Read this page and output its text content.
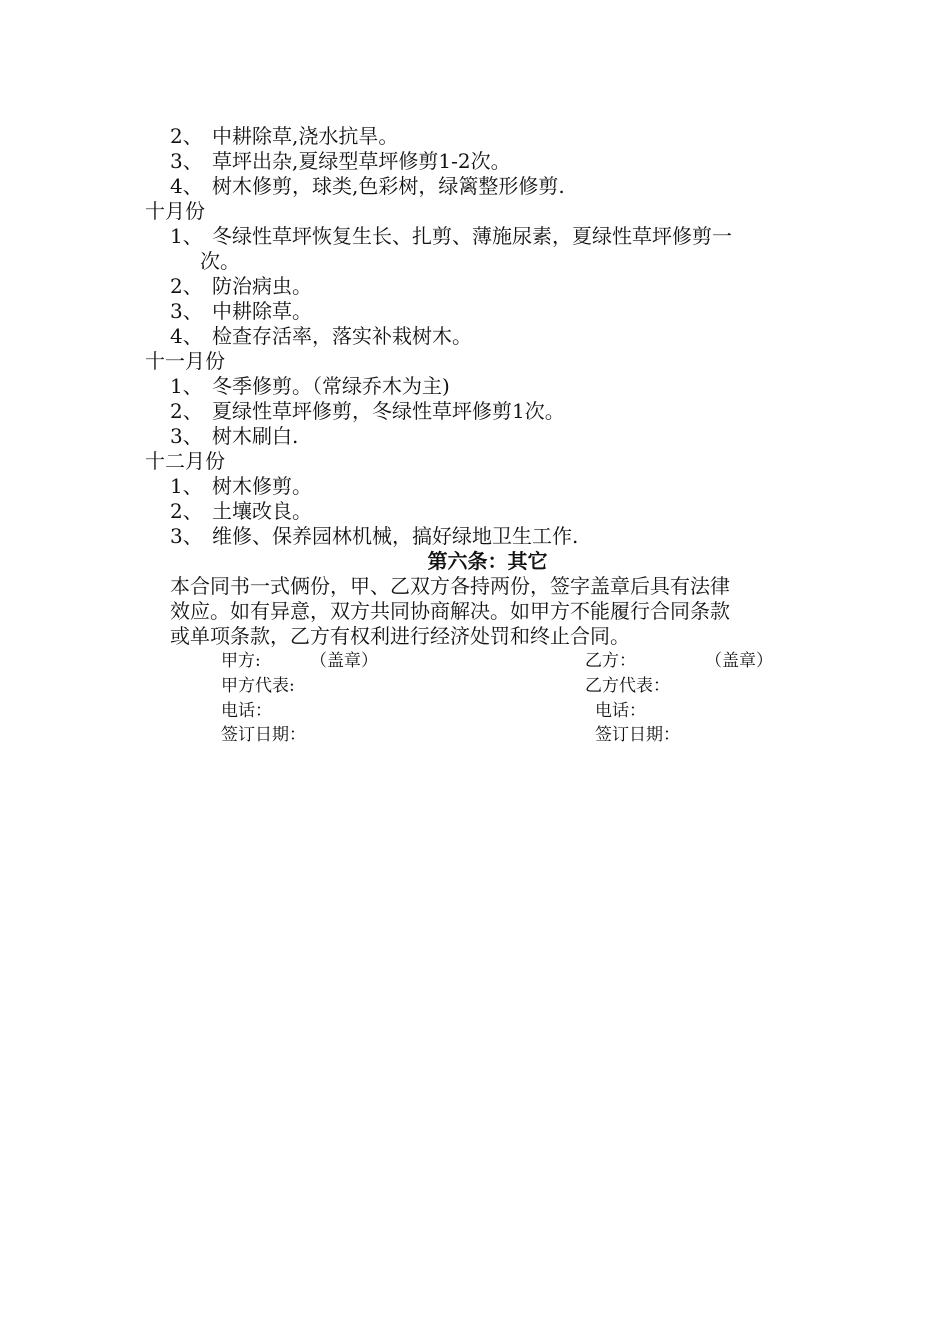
2、 中耕除草,浇水抗旱。
3、 草坪出杂,夏绿型草坪修剪1-2次。
4、 树木修剪，球类,色彩树，绿篱整形修剪.
十月份
1、 冬绿性草坪恢复生长、扎剪、薄施尿素，夏绿性草坪修剪一
次。
2、 防治病虫。
3、 中耕除草。
4、 检查存活率，落实补栽树木。
十一月份
1、 冬季修剪。（常绿乔木为主)
2、 夏绿性草坪修剪，冬绿性草坪修剪1次。
3、 树木刷白.
十二月份
1、 树木修剪。
2、 土壤改良。
3、 维修、保养园林机械，搞好绿地卫生工作.
第六条：其它
本合同书一式俩份，甲、乙双方各持两份，签字盖章后具有法律
效应。如有异意，双方共同协商解决。如甲方不能履行合同条款
或单项条款，乙方有权利进行经济处罚和终止合同。
甲方:	（盖章）
甲方代表:
电话：
签订日期：
乙方：	（盖章）
乙方代表：
电话：
签订日期：
